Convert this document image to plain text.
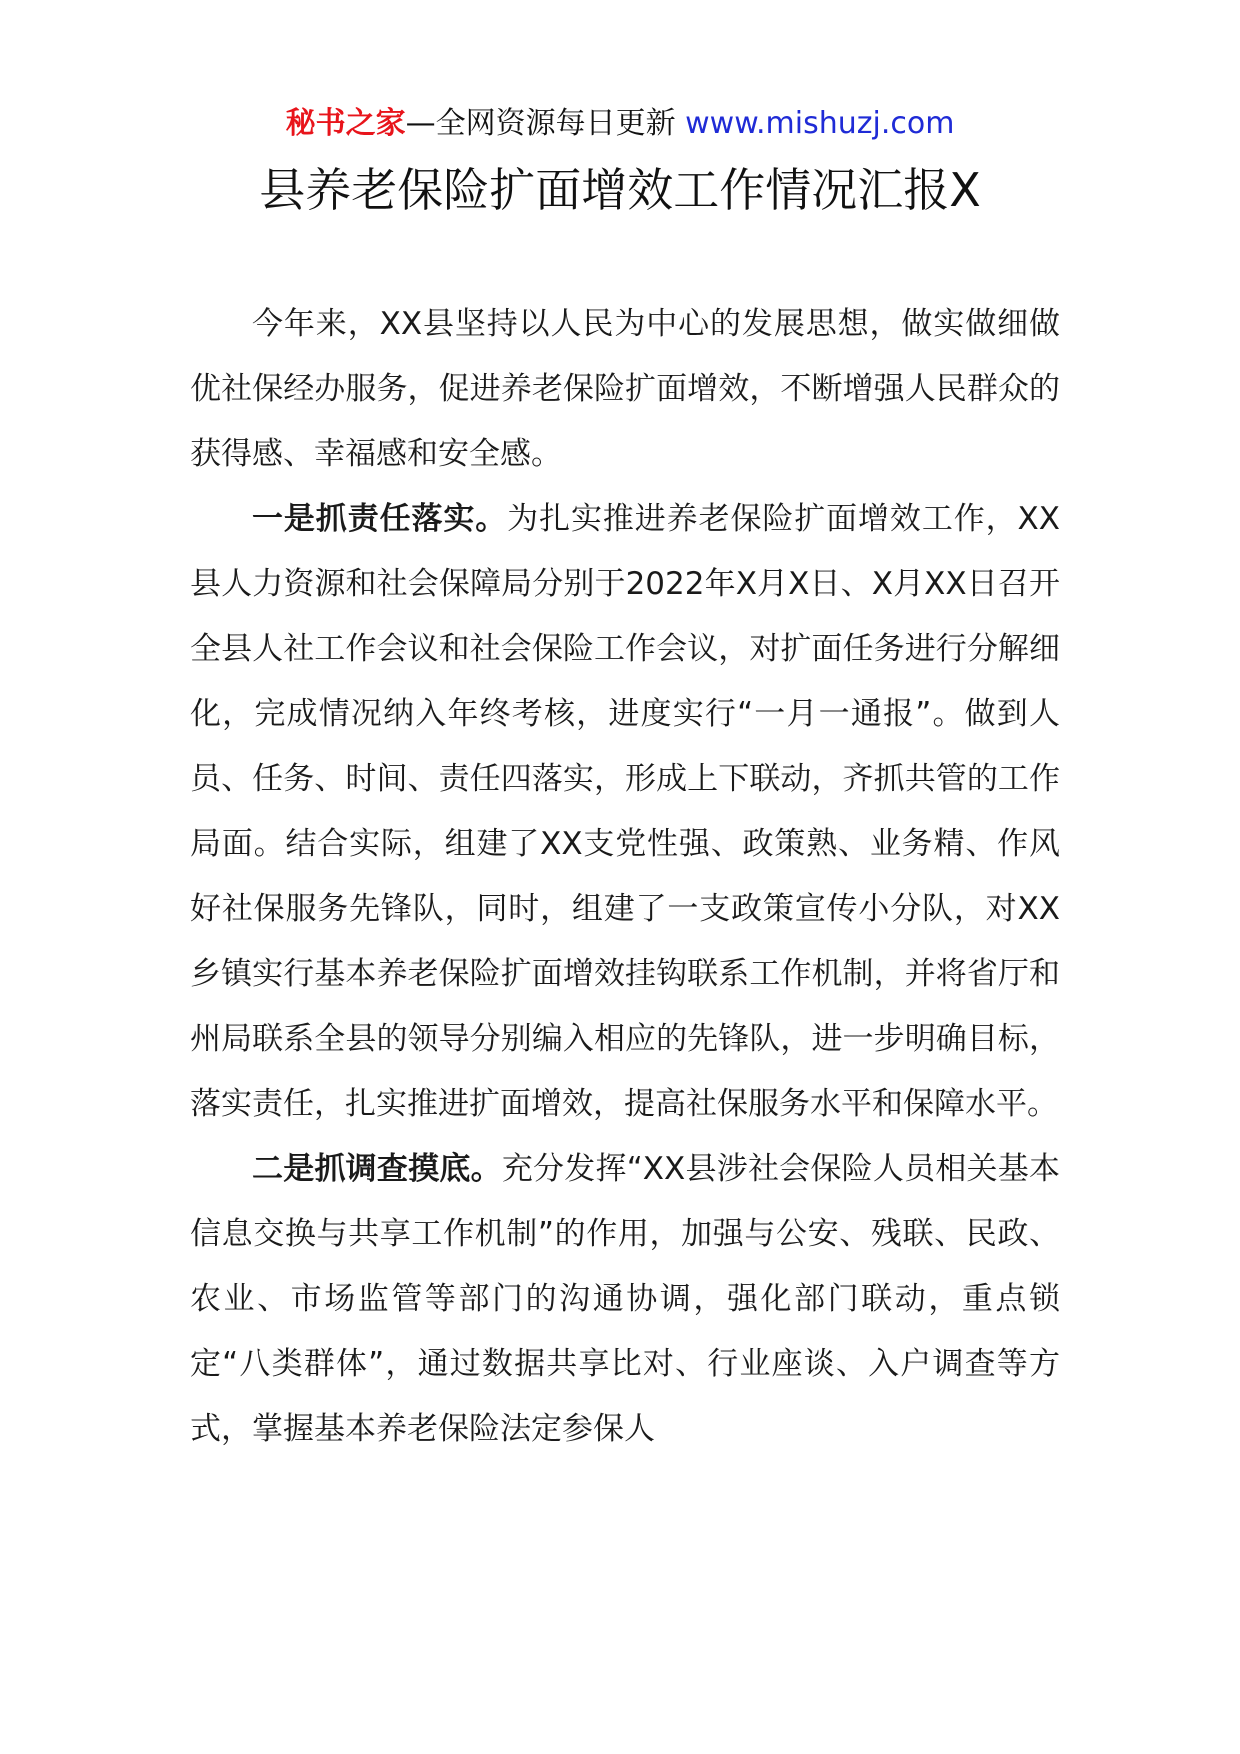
秘书之家—全网资源每日更新 www.mishuzj.com
县养老保险扩面增效工作情况汇报X

今年来，XX县坚持以人民为中心的发展思想，做实做细做优社保经办服务，促进养老保险扩面增效，不断增强人民群众的获得感、幸福感和安全感。

一是抓责任落实。为扎实推进养老保险扩面增效工作，XX县人力资源和社会保障局分别于2022年X月X日、X月XX日召开全县人社工作会议和社会保险工作会议，对扩面任务进行分解细化，完成情况纳入年终考核，进度实行“一月一通报”。做到人员、任务、时间、责任四落实，形成上下联动，齐抓共管的工作局面。结合实际，组建了XX支党性强、政策熟、业务精、作风好社保服务先锋队，同时，组建了一支政策宣传小分队，对XX乡镇实行基本养老保险扩面增效挂钩联系工作机制，并将省厅和州局联系全县的领导分别编入相应的先锋队，进一步明确目标，落实责任，扎实推进扩面增效，提高社保服务水平和保障水平。

二是抓调查摸底。充分发挥“XX县涉社会保险人员相关基本信息交换与共享工作机制”的作用，加强与公安、残联、民政、农业、市场监管等部门的沟通协调，强化部门联动，重点锁定“八类群体”，通过数据共享比对、行业座谈、入户调查等方式，掌握基本养老保险法定参保人
